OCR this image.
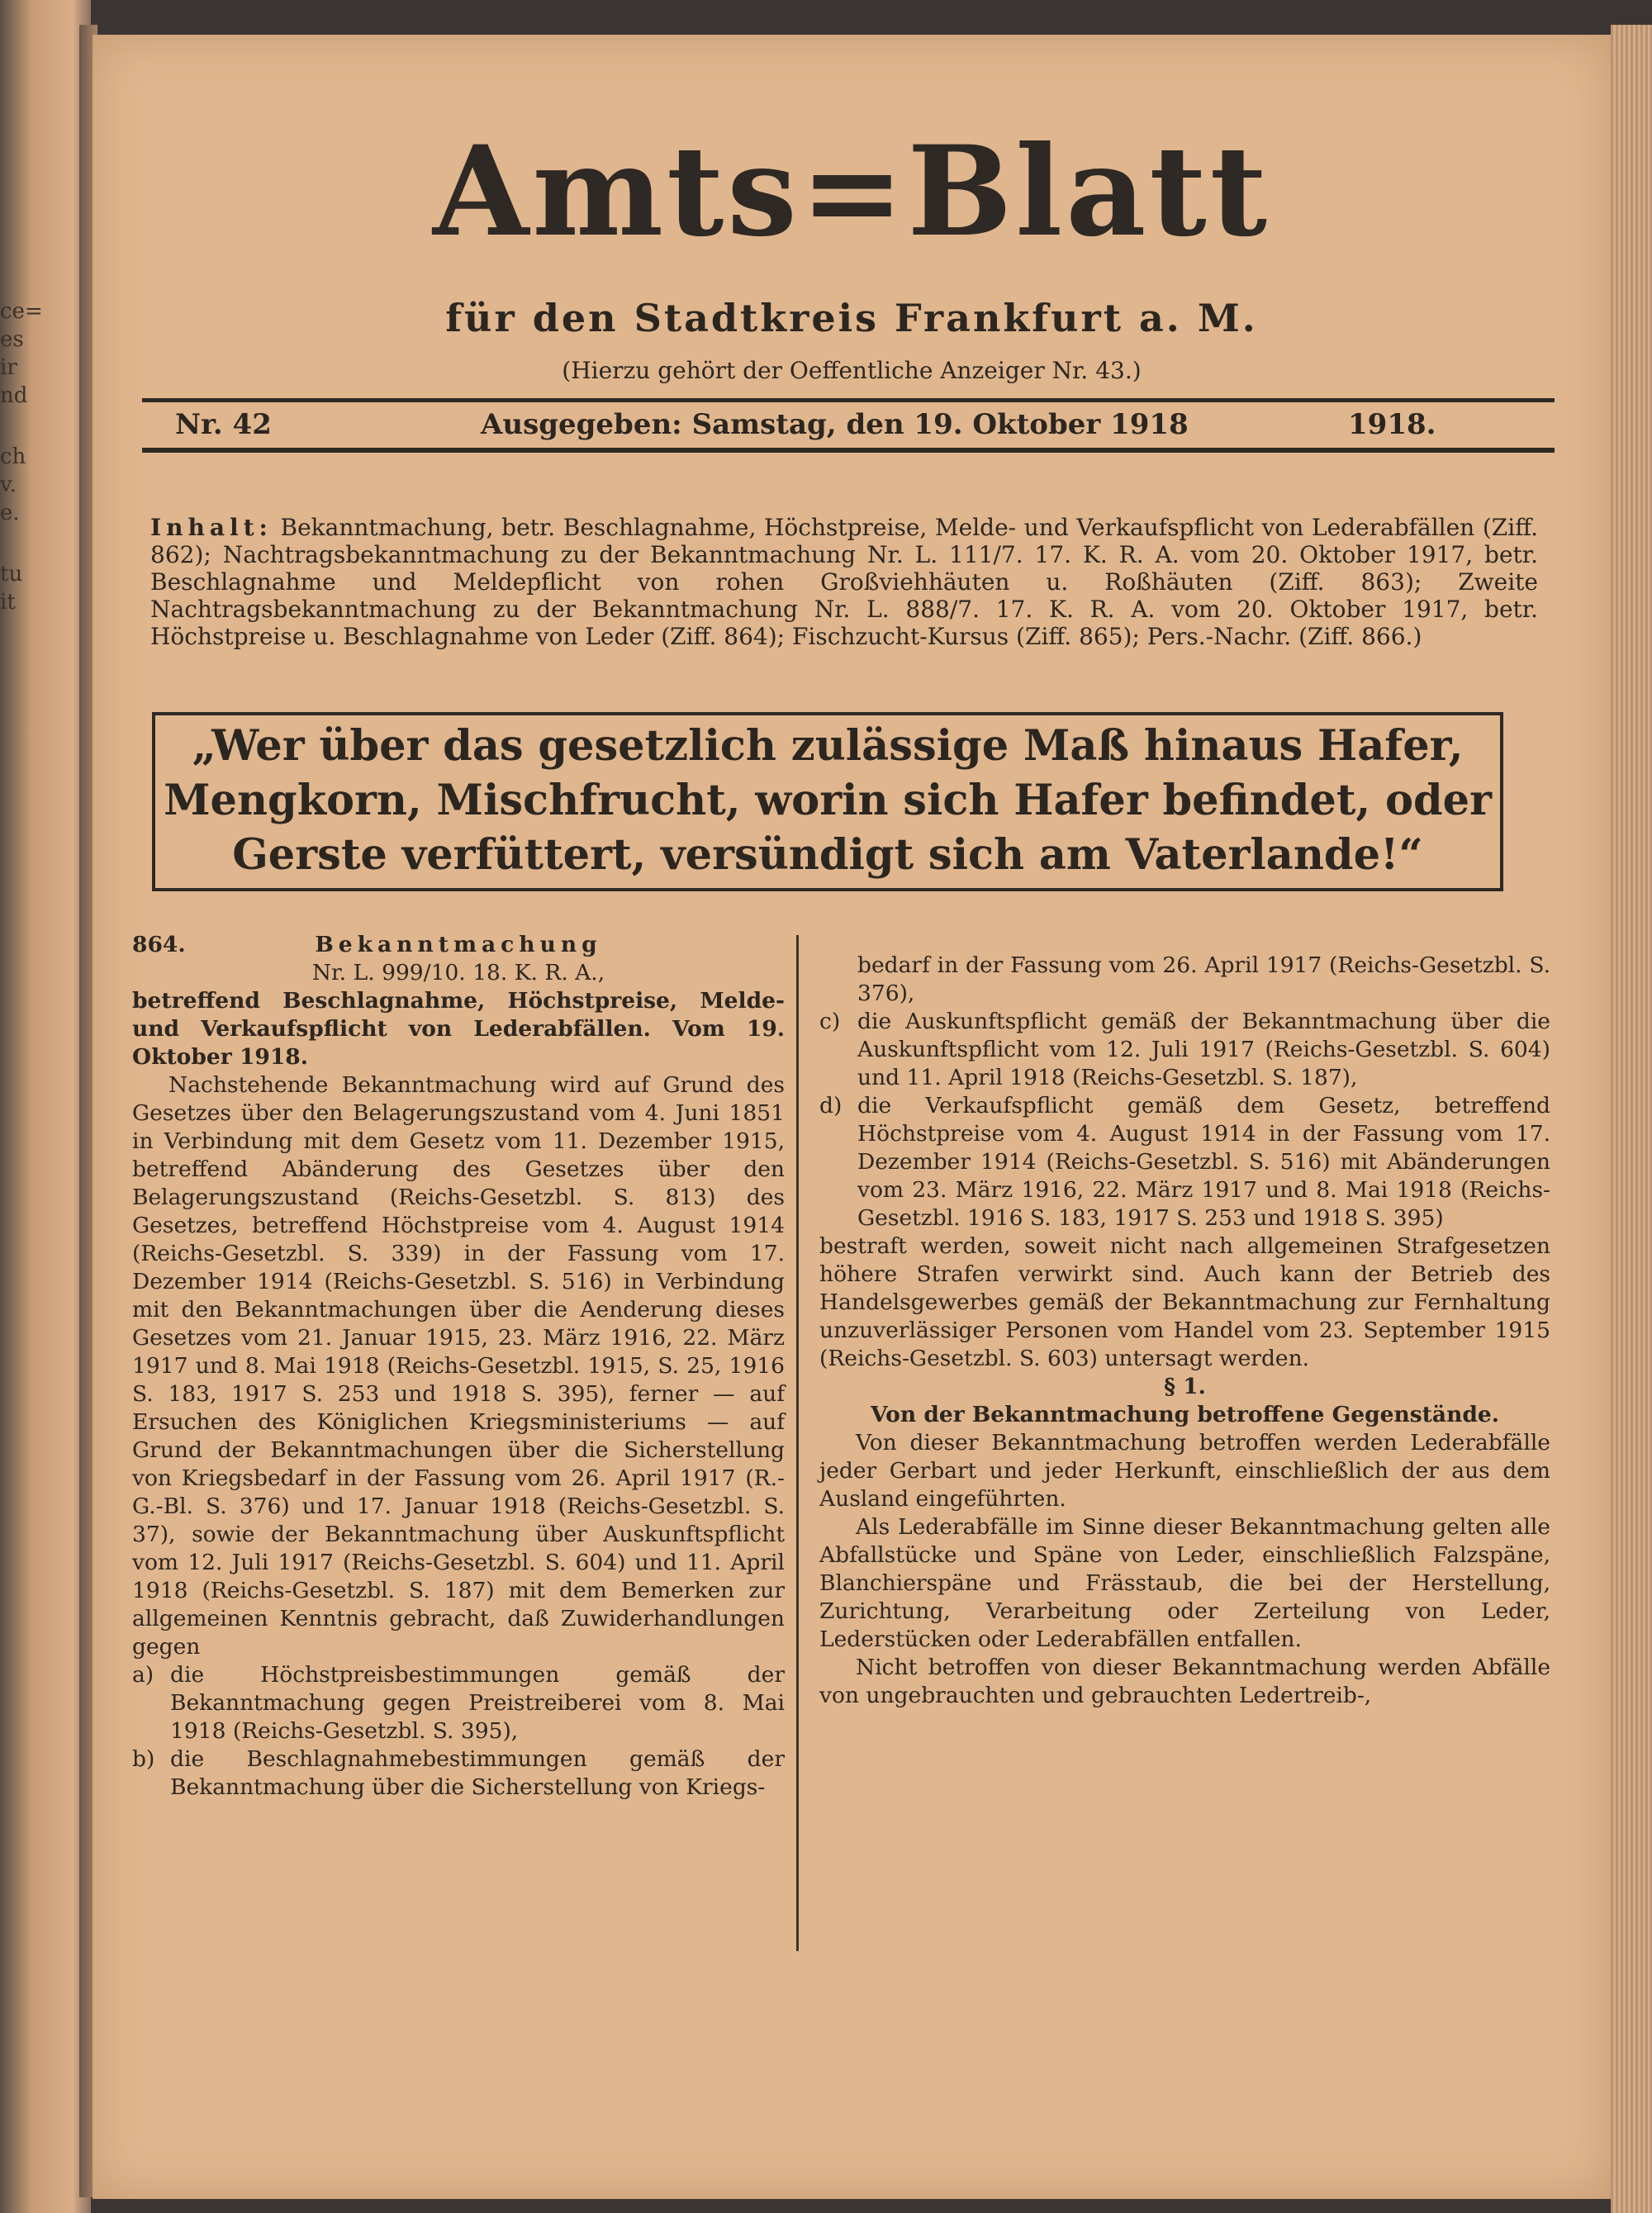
ce=
es
ir
nd
ch
v.
e.
tu
it
Amts=Blatt
für den Stadtkreis Frankfurt a. M.
(Hierzu gehört der Oeffentliche Anzeiger Nr. 43.)
Nr. 42	Ausgegeben: Samstag, den 19. Oktober 1918	1918.
Inhalt: Bekanntmachung, betr. Beschlagnahme, Höchstpreise, Melde- und Verkaufspflicht von Lederabfällen (Ziff. 862); Nachtragsbekanntmachung zu der Bekanntmachung Nr. L. 111/7. 17. K. R. A. vom 20. Oktober 1917, betr. Beschlagnahme und Meldepflicht von rohen Großviehhäuten u. Roßhäuten (Ziff. 863); Zweite Nachtragsbekanntmachung zu der Bekanntmachung Nr. L. 888/7. 17. K. R. A. vom 20. Oktober 1917, betr. Höchstpreise u. Beschlagnahme von Leder (Ziff. 864); Fischzucht-Kursus (Ziff. 865); Pers.-Nachr. (Ziff. 866.)
„Wer über das gesetzlich zulässige Maß hinaus Hafer, Mengkorn, Mischfrucht, worin sich Hafer befindet, oder Gerste verfüttert, versündigt sich am Vaterlande!“
864.	Bekanntmachung

Nr. L. 999/10. 18. K. R. A.,

betreffend Beschlagnahme, Höchstpreise, Melde- und Verkaufspflicht von Lederabfällen. Vom 19. Oktober 1918.

Nachstehende Bekanntmachung wird auf Grund des Gesetzes über den Belagerungszustand vom 4. Juni 1851 in Verbindung mit dem Gesetz vom 11. Dezember 1915, betreffend Abänderung des Gesetzes über den Belagerungszustand (Reichs-Gesetzbl. S. 813) des Gesetzes, betreffend Höchstpreise vom 4. August 1914 (Reichs-Gesetzbl. S. 339) in der Fassung vom 17. Dezember 1914 (Reichs-Gesetzbl. S. 516) in Verbindung mit den Bekanntmachungen über die Aenderung dieses Gesetzes vom 21. Januar 1915, 23. März 1916, 22. März 1917 und 8. Mai 1918 (Reichs-Gesetzbl. 1915, S. 25, 1916 S. 183, 1917 S. 253 und 1918 S. 395), ferner — auf Ersuchen des Königlichen Kriegsministeriums — auf Grund der Bekanntmachungen über die Sicherstellung von Kriegsbedarf in der Fassung vom 26. April 1917 (R.-G.-Bl. S. 376) und 17. Januar 1918 (Reichs-Gesetzbl. S. 37), sowie der Bekanntmachung über Auskunftspflicht vom 12. Juli 1917 (Reichs-Gesetzbl. S. 604) und 11. April 1918 (Reichs-Gesetzbl. S. 187) mit dem Bemerken zur allgemeinen Kenntnis gebracht, daß Zuwiderhandlungen gegen

a) die Höchstpreisbestimmungen gemäß der Bekanntmachung gegen Preistreiberei vom 8. Mai 1918 (Reichs-Gesetzbl. S. 395),
b) die Beschlagnahmebestimmungen gemäß der Bekanntmachung über die Sicherstellung von Kriegs-

bedarf in der Fassung vom 26. April 1917 (Reichs-Gesetzbl. S. 376),

c) die Auskunftspflicht gemäß der Bekanntmachung über die Auskunftspflicht vom 12. Juli 1917 (Reichs-Gesetzbl. S. 604) und 11. April 1918 (Reichs-Gesetzbl. S. 187),
d) die Verkaufspflicht gemäß dem Gesetz, betreffend Höchstpreise vom 4. August 1914 in der Fassung vom 17. Dezember 1914 (Reichs-Gesetzbl. S. 516) mit Abänderungen vom 23. März 1916, 22. März 1917 und 8. Mai 1918 (Reichs-Gesetzbl. 1916 S. 183, 1917 S. 253 und 1918 S. 395)

bestraft werden, soweit nicht nach allgemeinen Strafgesetzen höhere Strafen verwirkt sind. Auch kann der Betrieb des Handelsgewerbes gemäß der Bekanntmachung zur Fernhaltung unzuverlässiger Personen vom Handel vom 23. September 1915 (Reichs-Gesetzbl. S. 603) untersagt werden.

§ 1.

Von der Bekanntmachung betroffene Gegenstände.

Von dieser Bekanntmachung betroffen werden Lederabfälle jeder Gerbart und jeder Herkunft, einschließlich der aus dem Ausland eingeführten.

Als Lederabfälle im Sinne dieser Bekanntmachung gelten alle Abfallstücke und Späne von Leder, einschließlich Falzspäne, Blanchierspäne und Frässtaub, die bei der Herstellung, Zurichtung, Verarbeitung oder Zerteilung von Leder, Lederstücken oder Lederabfällen entfallen.

Nicht betroffen von dieser Bekanntmachung werden Abfälle von ungebrauchten und gebrauchten Ledertreib-,
